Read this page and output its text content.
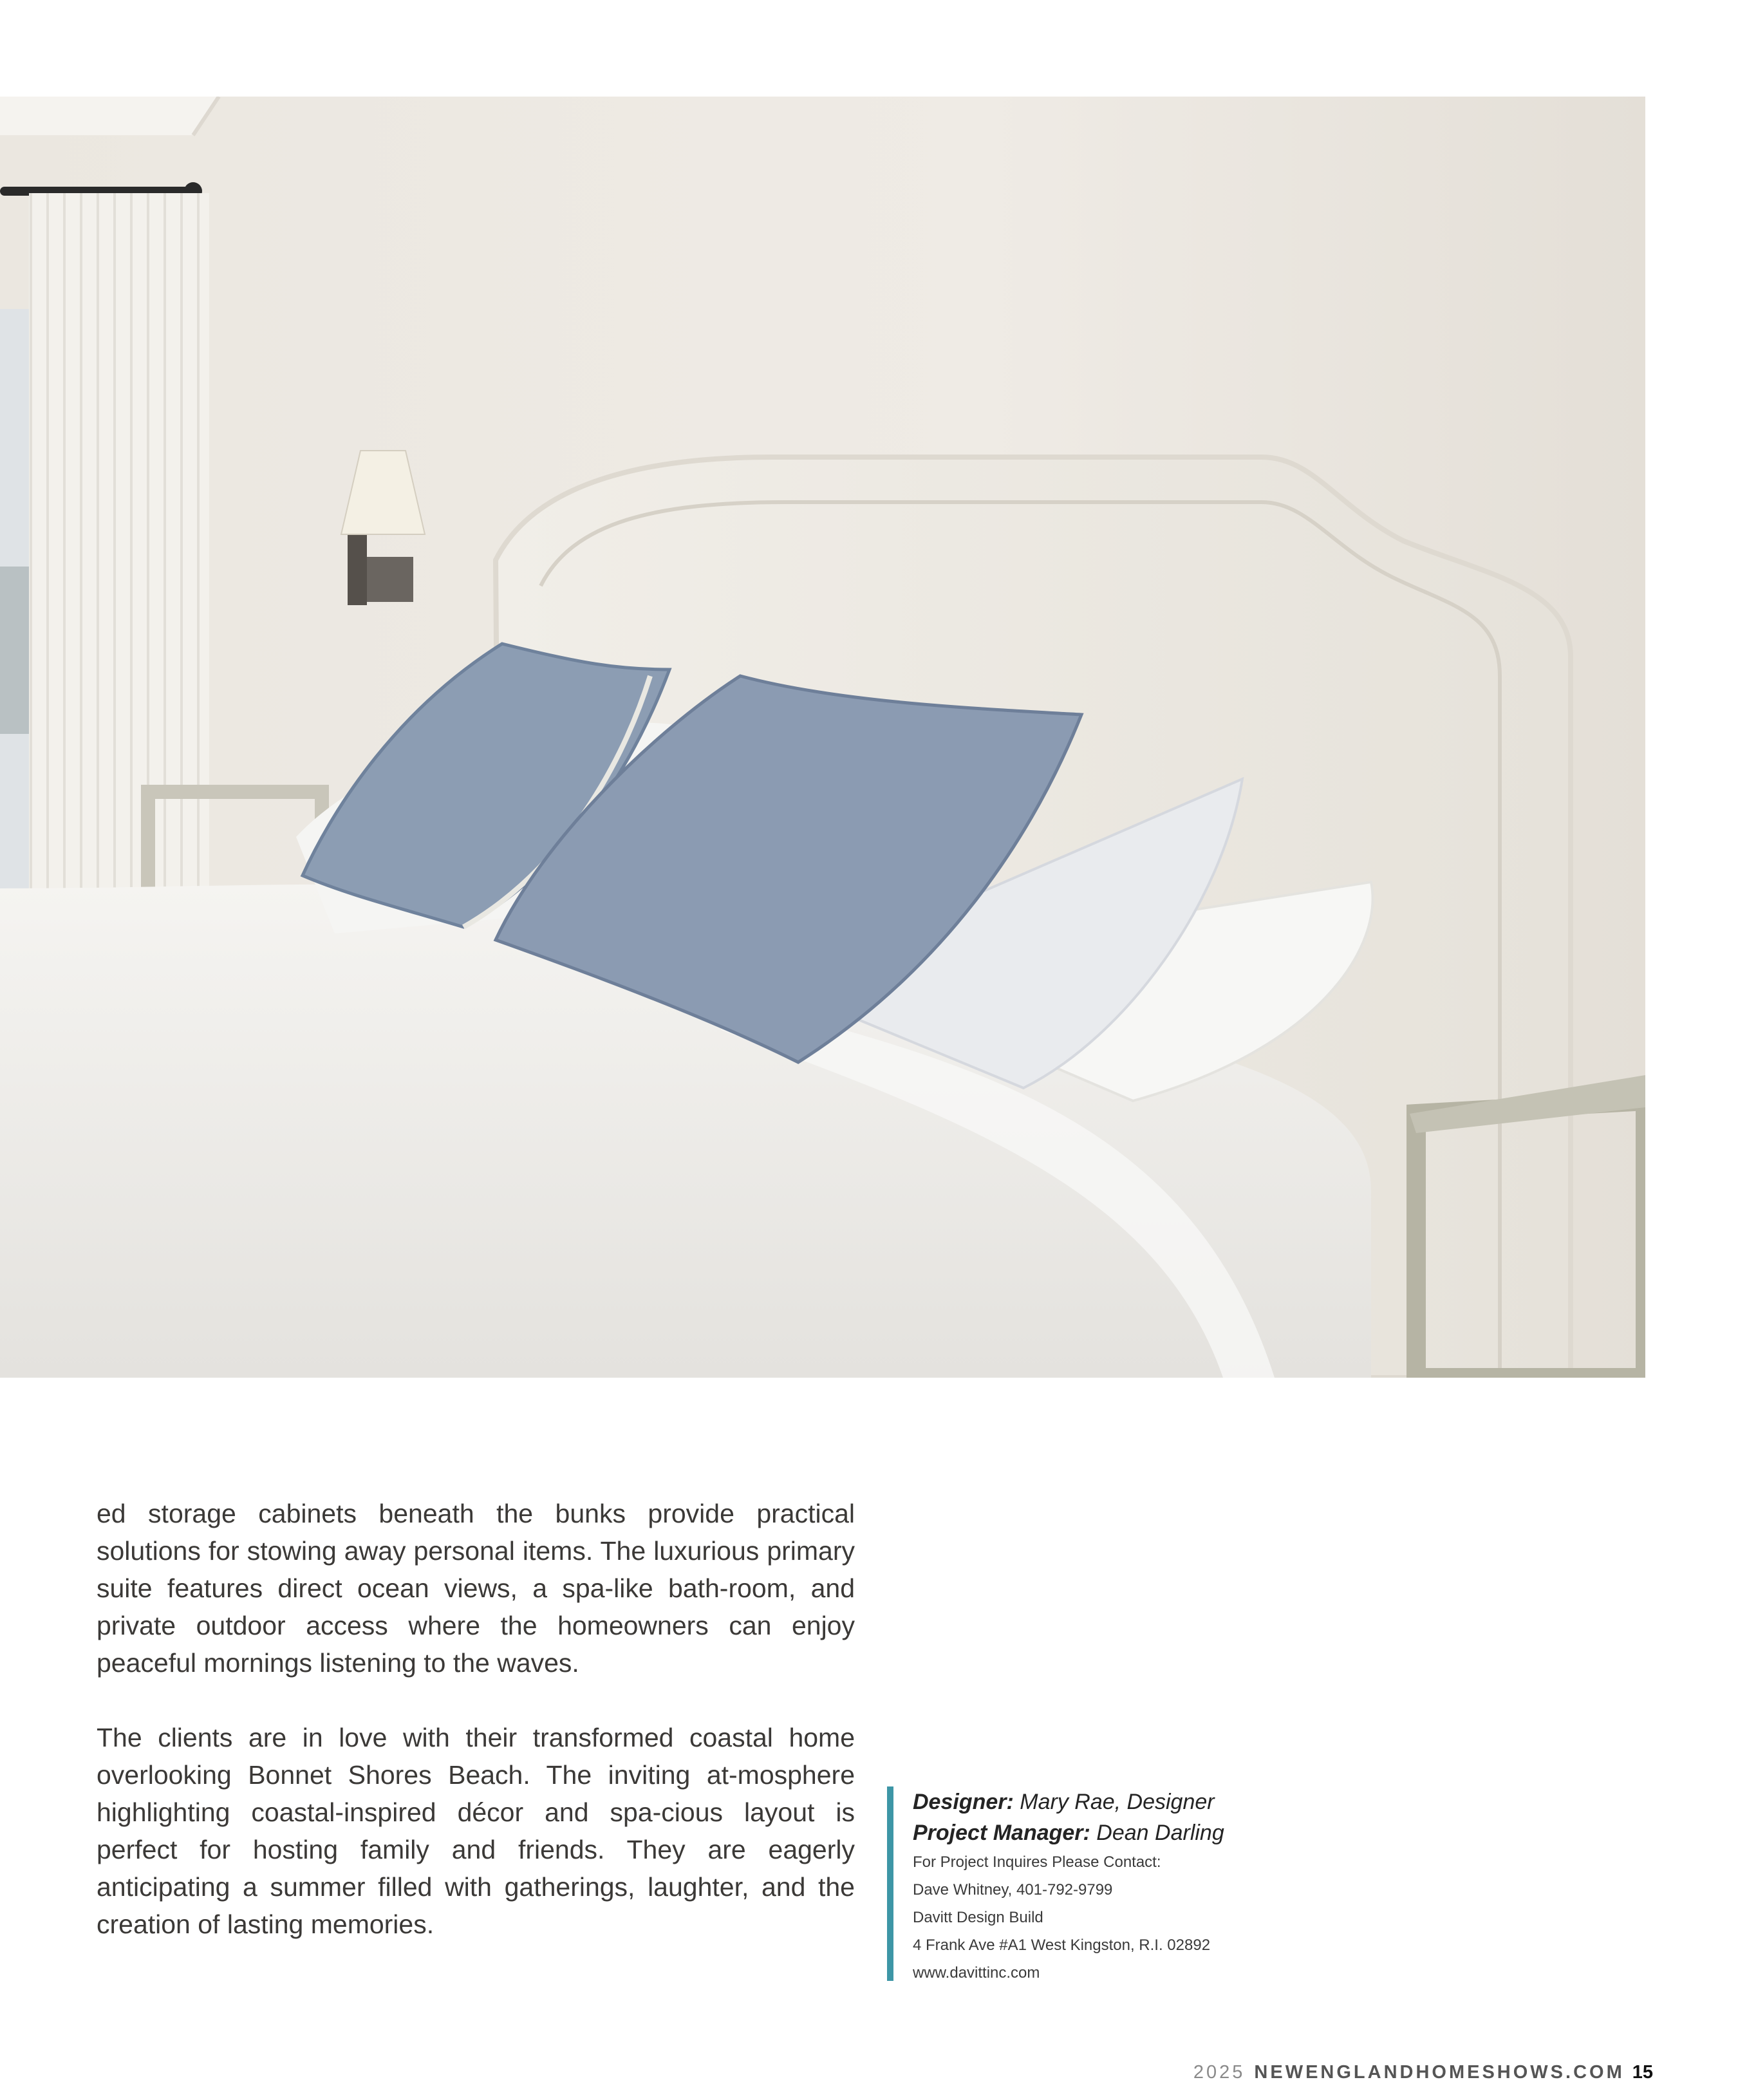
ed storage cabinets beneath the bunks provide practical solutions for stowing away personal items. The luxurious primary suite features direct ocean views, a spa-like bath-room, and private outdoor access where the homeowners can enjoy peaceful mornings listening to the waves.

The clients are in love with their transformed coastal home overlooking Bonnet Shores Beach. The inviting at-mosphere highlighting coastal-inspired décor and spa-cious layout is perfect for hosting family and friends. They are eagerly anticipating a summer filled with gatherings, laughter, and the creation of lasting memories.

Designer: Mary Rae, Designer
Project Manager: Dean Darling
For Project Inquires Please Contact:
Dave Whitney, 401-792-9799
Davitt Design Build
4 Frank Ave #A1 West Kingston, R.I. 02892
www.davittinc.com
2025 NEWENGLANDHOMESHOWS.COM 15
